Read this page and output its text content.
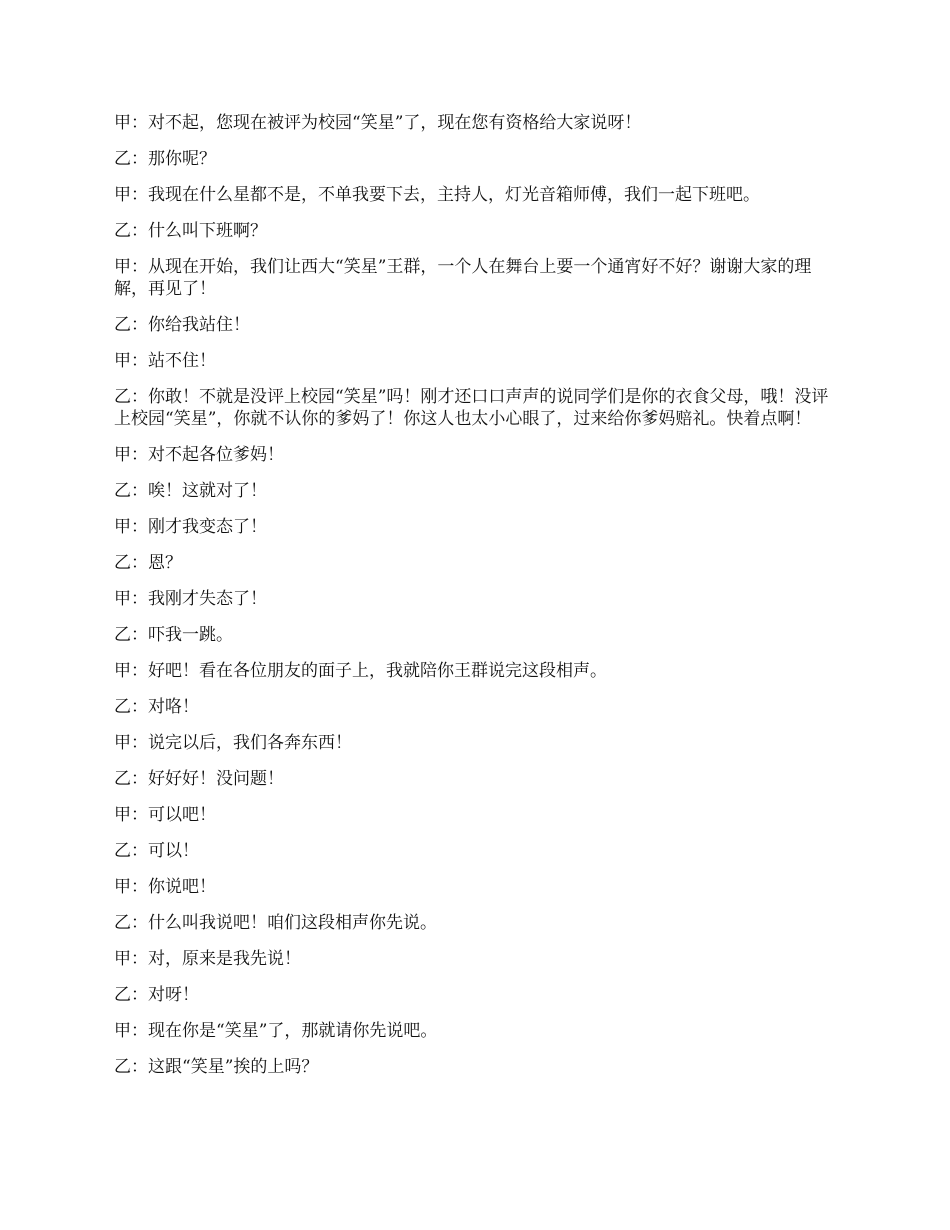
甲：对不起，您现在被评为校园“笑星”了，现在您有资格给大家说呀！

乙：那你呢？

甲：我现在什么星都不是，不单我要下去，主持人，灯光音箱师傅，我们一起下班吧。

乙：什么叫下班啊？

甲：从现在开始，我们让西大“笑星”王群，一个人在舞台上要一个通宵好不好？谢谢大家的理解，再见了！

乙：你给我站住！

甲：站不住！

乙：你敢！不就是没评上校园“笑星”吗！刚才还口口声声的说同学们是你的衣食父母，哦！没评上校园“笑星”，你就不认你的爹妈了！你这人也太小心眼了，过来给你爹妈赔礼。快着点啊！

甲：对不起各位爹妈！

乙：唉！这就对了！

甲：刚才我变态了！

乙：恩？

甲：我刚才失态了！

乙：吓我一跳。

甲：好吧！看在各位朋友的面子上，我就陪你王群说完这段相声。

乙：对咯！

甲：说完以后，我们各奔东西！

乙：好好好！没问题！

甲：可以吧！

乙：可以！

甲：你说吧！

乙：什么叫我说吧！咱们这段相声你先说。

甲：对，原来是我先说！

乙：对呀！

甲：现在你是“笑星”了，那就请你先说吧。

乙：这跟“笑星”挨的上吗？
